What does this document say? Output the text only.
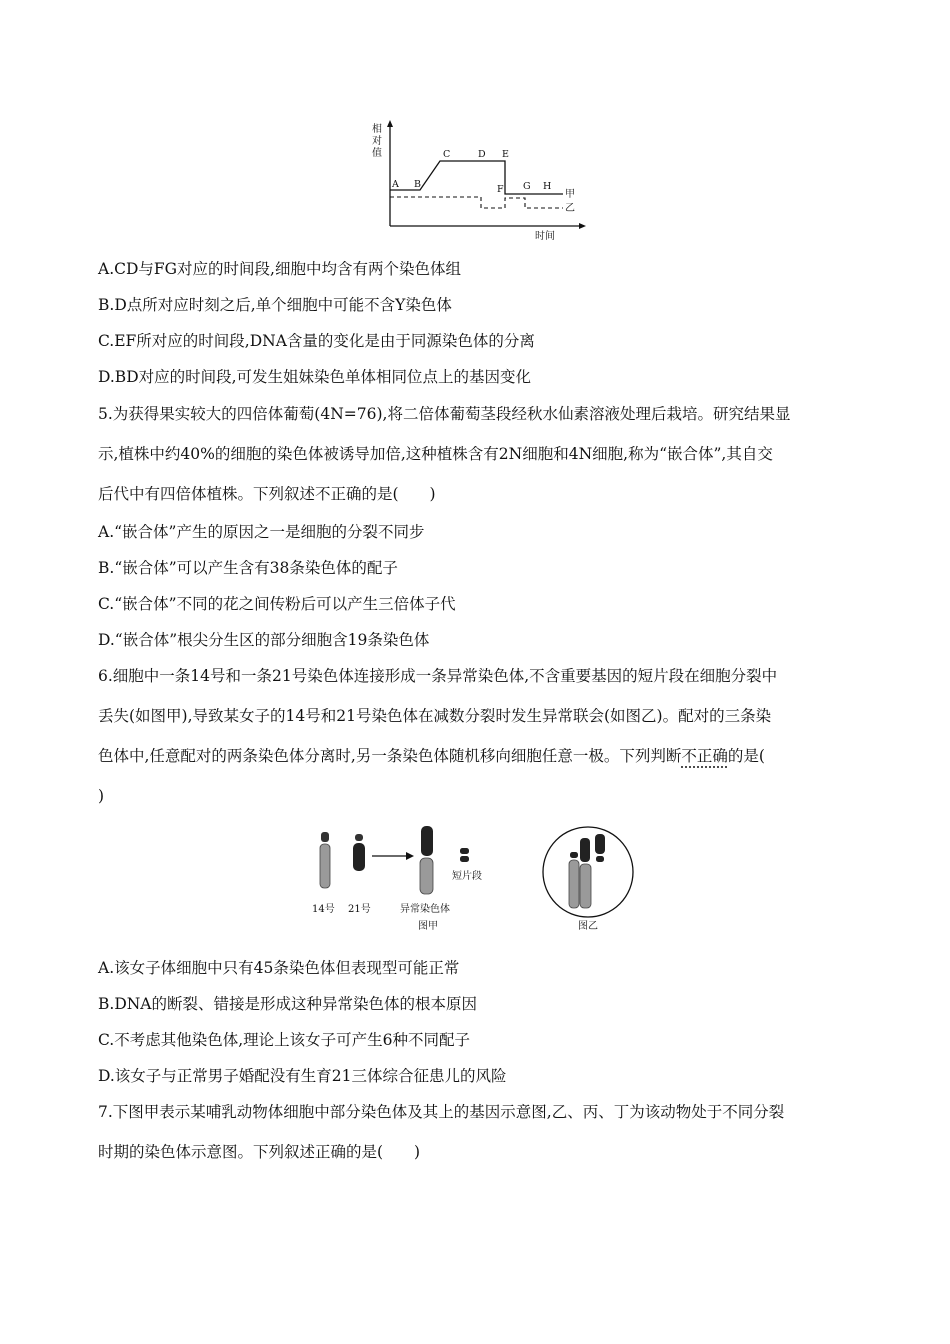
相
对
值
时间
A B
C	D E
F G H
甲
乙
A.CD与FG对应的时间段,细胞中均含有两个染色体组
B.D点所对应时刻之后,单个细胞中可能不含Y染色体
C.EF所对应的时间段,DNA含量的变化是由于同源染色体的分离
D.BD对应的时间段,可发生姐妹染色单体相同位点上的基因变化
5.为获得果实较大的四倍体葡萄(4N=76),将二倍体葡萄茎段经秋水仙素溶液处理后栽培。研究结果显
示,植株中约40%的细胞的染色体被诱导加倍,这种植株含有2N细胞和4N细胞,称为“嵌合体”,其自交
后代中有四倍体植株。下列叙述不正确的是(　　)
A.“嵌合体”产生的原因之一是细胞的分裂不同步
B.“嵌合体”可以产生含有38条染色体的配子
C.“嵌合体”不同的花之间传粉后可以产生三倍体子代
D.“嵌合体”根尖分生区的部分细胞含19条染色体
6.细胞中一条14号和一条21号染色体连接形成一条异常染色体,不含重要基因的短片段在细胞分裂中
丢失(如图甲),导致某女子的14号和21号染色体在减数分裂时发生异常联会(如图乙)。配对的三条染
色体中,任意配对的两条染色体分离时,另一条染色体随机移向细胞任意一极。下列判断不正确的是(
)
短片段
14号 21号	异常染色体
图甲	图乙
A.该女子体细胞中只有45条染色体但表现型可能正常
B.DNA的断裂、错接是形成这种异常染色体的根本原因
C.不考虑其他染色体,理论上该女子可产生6种不同配子
D.该女子与正常男子婚配没有生育21三体综合征患儿的风险
7.下图甲表示某哺乳动物体细胞中部分染色体及其上的基因示意图,乙、丙、丁为该动物处于不同分裂
时期的染色体示意图。下列叙述正确的是(　　)
